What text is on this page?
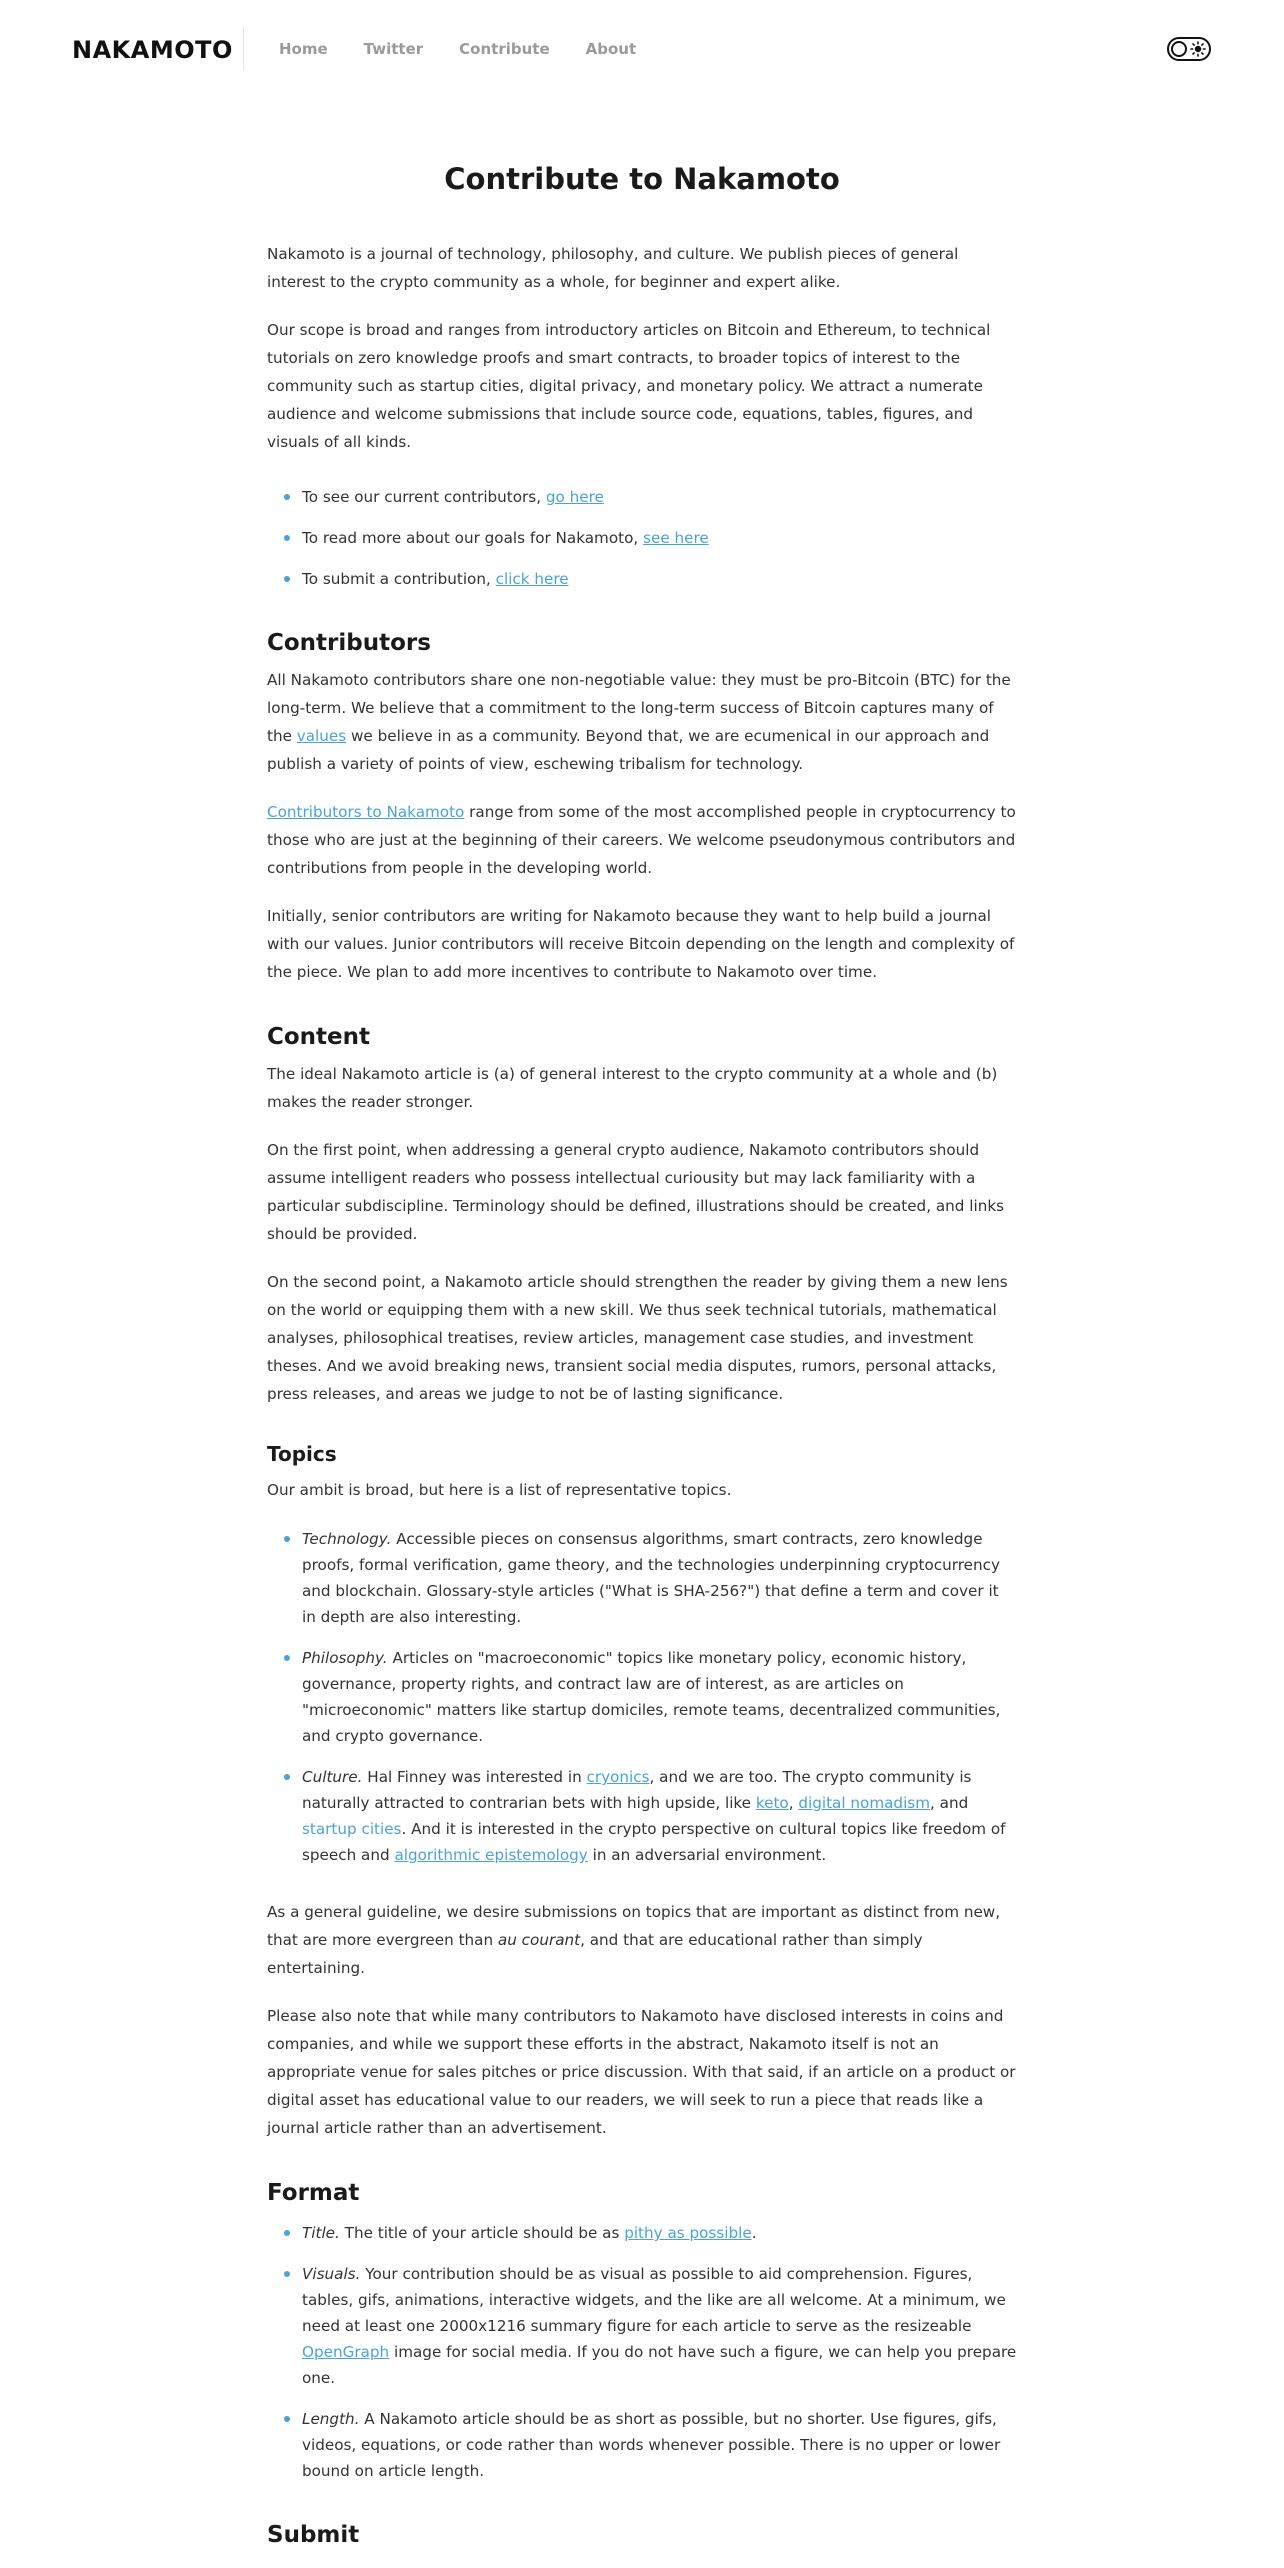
NAKAMOTO	Home Twitter Contribute About
Contribute to Nakamoto

Nakamoto is a journal of technology, philosophy, and culture. We publish pieces of general interest to the crypto community as a whole, for beginner and expert alike.

Our scope is broad and ranges from introductory articles on Bitcoin and Ethereum, to technical tutorials on zero knowledge proofs and smart contracts, to broader topics of interest to the community such as startup cities, digital privacy, and monetary policy. We attract a numerate audience and welcome submissions that include source code, equations, tables, figures, and visuals of all kinds.

To see our current contributors, go here
To read more about our goals for Nakamoto, see here
To submit a contribution, click here
Contributors

All Nakamoto contributors share one non-negotiable value: they must be pro-Bitcoin (BTC) for the long-term. We believe that a commitment to the long-term success of Bitcoin captures many of the values we believe in as a community. Beyond that, we are ecumenical in our approach and publish a variety of points of view, eschewing tribalism for technology.

Contributors to Nakamoto range from some of the most accomplished people in cryptocurrency to those who are just at the beginning of their careers. We welcome pseudonymous contributors and contributions from people in the developing world.

Initially, senior contributors are writing for Nakamoto because they want to help build a journal with our values. Junior contributors will receive Bitcoin depending on the length and complexity of the piece. We plan to add more incentives to contribute to Nakamoto over time.

Content

The ideal Nakamoto article is (a) of general interest to the crypto community at a whole and (b) makes the reader stronger.

On the first point, when addressing a general crypto audience, Nakamoto contributors should assume intelligent readers who possess intellectual curiousity but may lack familiarity with a particular subdiscipline. Terminology should be defined, illustrations should be created, and links should be provided.

On the second point, a Nakamoto article should strengthen the reader by giving them a new lens on the world or equipping them with a new skill. We thus seek technical tutorials, mathematical analyses, philosophical treatises, review articles, management case studies, and investment theses. And we avoid breaking news, transient social media disputes, rumors, personal attacks, press releases, and areas we judge to not be of lasting significance.

Topics

Our ambit is broad, but here is a list of representative topics.

Technology. Accessible pieces on consensus algorithms, smart contracts, zero knowledge proofs, formal verification, game theory, and the technologies underpinning cryptocurrency and blockchain. Glossary-style articles ("What is SHA-256?") that define a term and cover it in depth are also interesting.
Philosophy. Articles on "macroeconomic" topics like monetary policy, economic history, governance, property rights, and contract law are of interest, as are articles on "microeconomic" matters like startup domiciles, remote teams, decentralized communities, and crypto governance.
Culture. Hal Finney was interested in cryonics, and we are too. The crypto community is naturally attracted to contrarian bets with high upside, like keto, digital nomadism, and startup cities. And it is interested in the crypto perspective on cultural topics like freedom of speech and algorithmic epistemology in an adversarial environment.

As a general guideline, we desire submissions on topics that are important as distinct from new, that are more evergreen than au courant, and that are educational rather than simply entertaining.

Please also note that while many contributors to Nakamoto have disclosed interests in coins and companies, and while we support these efforts in the abstract, Nakamoto itself is not an appropriate venue for sales pitches or price discussion. With that said, if an article on a product or digital asset has educational value to our readers, we will seek to run a piece that reads like a journal article rather than an advertisement.

Format
Title. The title of your article should be as pithy as possible.
Visuals. Your contribution should be as visual as possible to aid comprehension. Figures, tables, gifs, animations, interactive widgets, and the like are all welcome. At a minimum, we need at least one 2000x1216 summary figure for each article to serve as the resizeable OpenGraph image for social media. If you do not have such a figure, we can help you prepare one.
Length. A Nakamoto article should be as short as possible, but no shorter. Use figures, gifs, videos, equations, or code rather than words whenever possible. There is no upper or lower bound on article length.
Submit
